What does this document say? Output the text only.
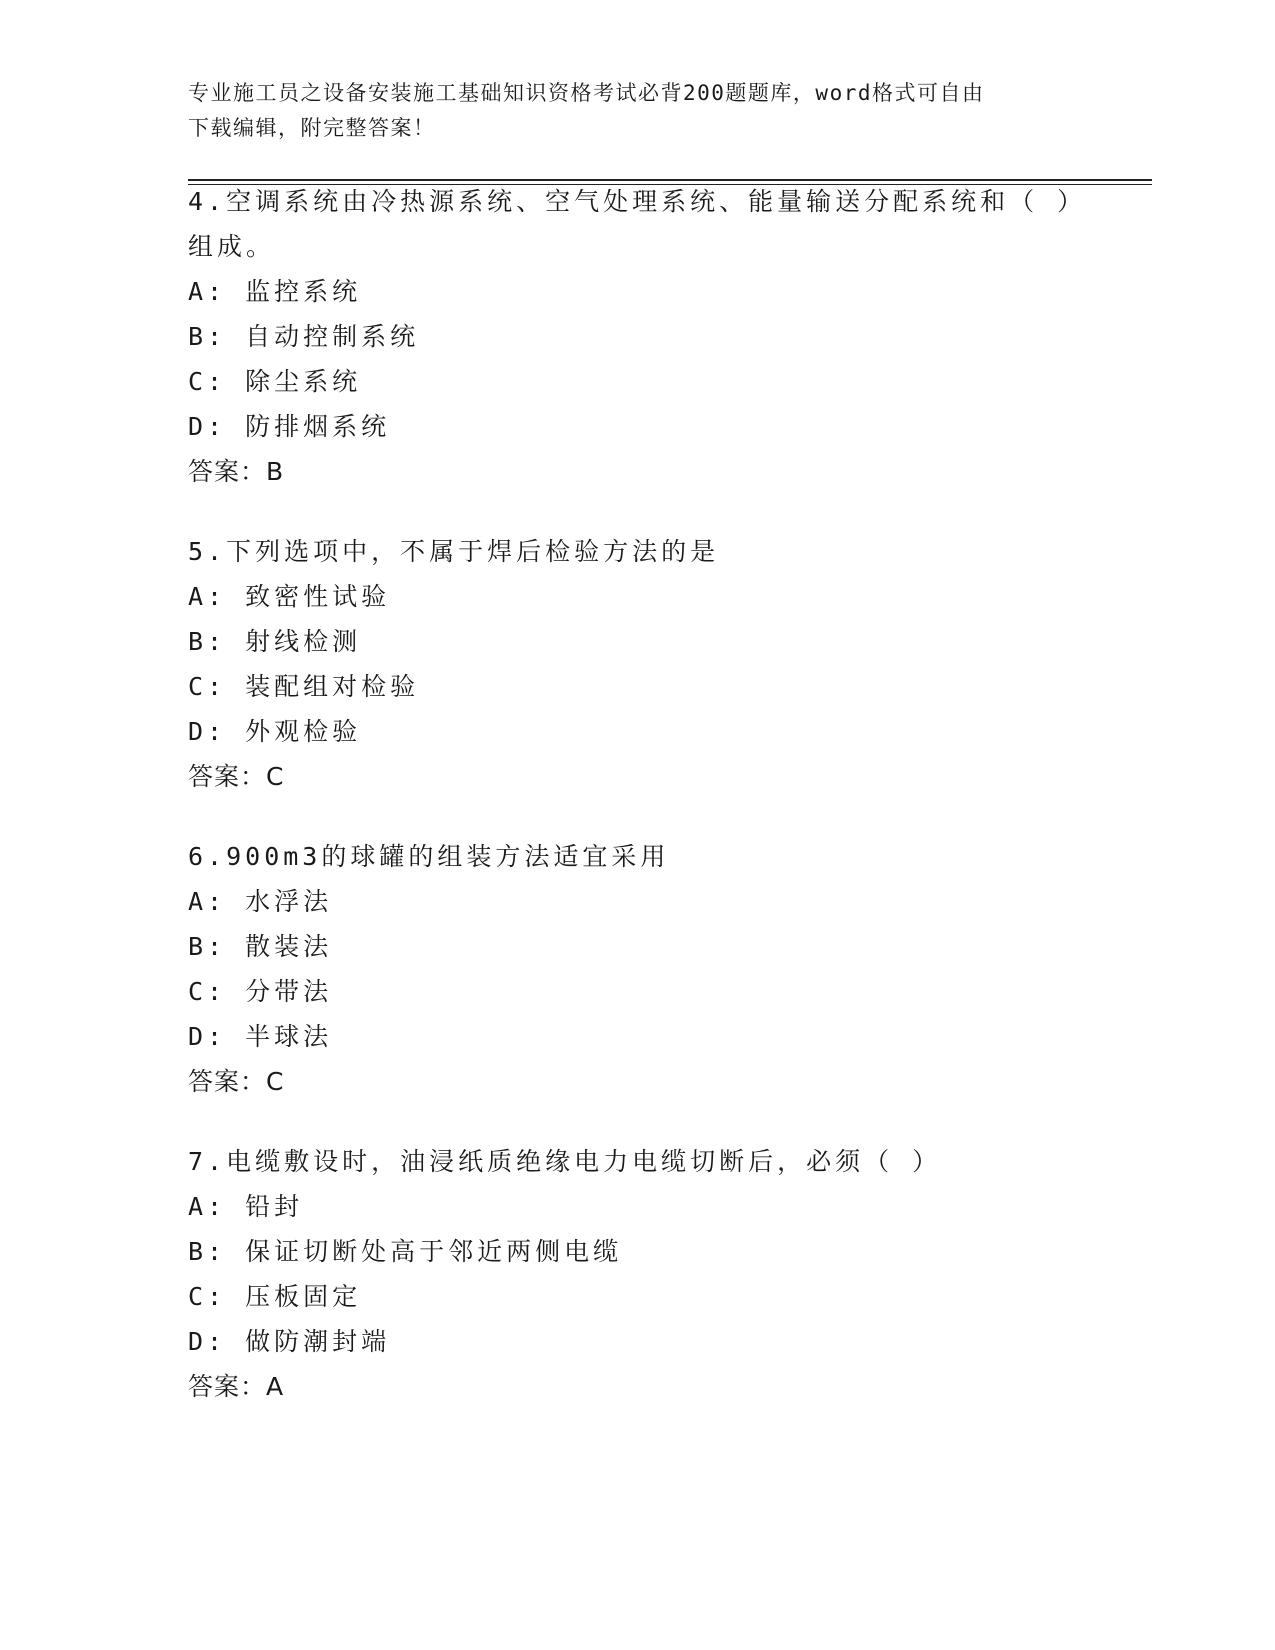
专业施工员之设备安装施工基础知识资格考试必背200题题库，word格式可自由
下载编辑，附完整答案！
4.空调系统由冷热源系统、空气处理系统、能量输送分配系统和（ ）
组成。
A: 监控系统
B: 自动控制系统
C: 除尘系统
D: 防排烟系统
答案：B
5.下列选项中，不属于焊后检验方法的是
A: 致密性试验
B: 射线检测
C: 装配组对检验
D: 外观检验
答案：C
6.900m3的球罐的组装方法适宜采用
A: 水浮法
B: 散装法
C: 分带法
D: 半球法
答案：C
7.电缆敷设时，油浸纸质绝缘电力电缆切断后，必须（ ）
A: 铅封
B: 保证切断处高于邻近两侧电缆
C: 压板固定
D: 做防潮封端
答案：A
